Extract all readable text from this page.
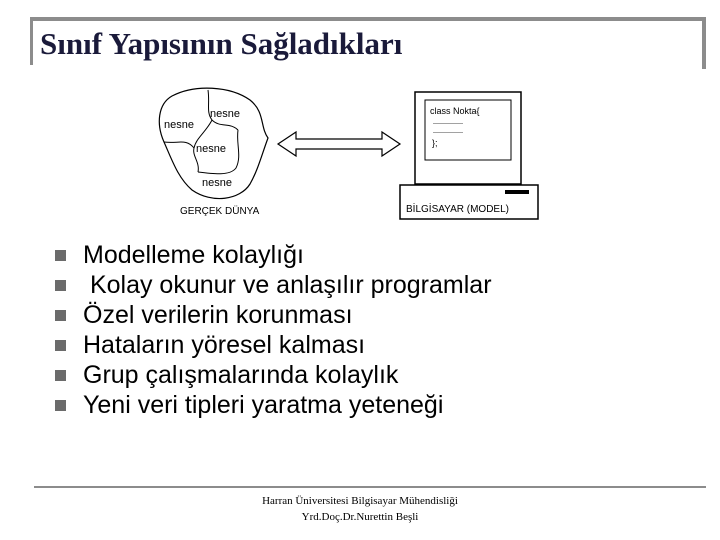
Sınıf Yapısının Sağladıkları
nesne
nesne
nesne
nesne
GERÇEK DÜNYA
class Nokta{
---------------
---------------
};
BİLGİSAYAR (MODEL)
Modelleme kolaylığı
Kolay okunur ve anlaşılır programlar
Özel verilerin korunması
Hataların yöresel kalması
Grup çalışmalarında kolaylık
Yeni veri tipleri yaratma yeteneği
Harran Üniversitesi Bilgisayar Mühendisliği
Yrd.Doç.Dr.Nurettin Beşli
